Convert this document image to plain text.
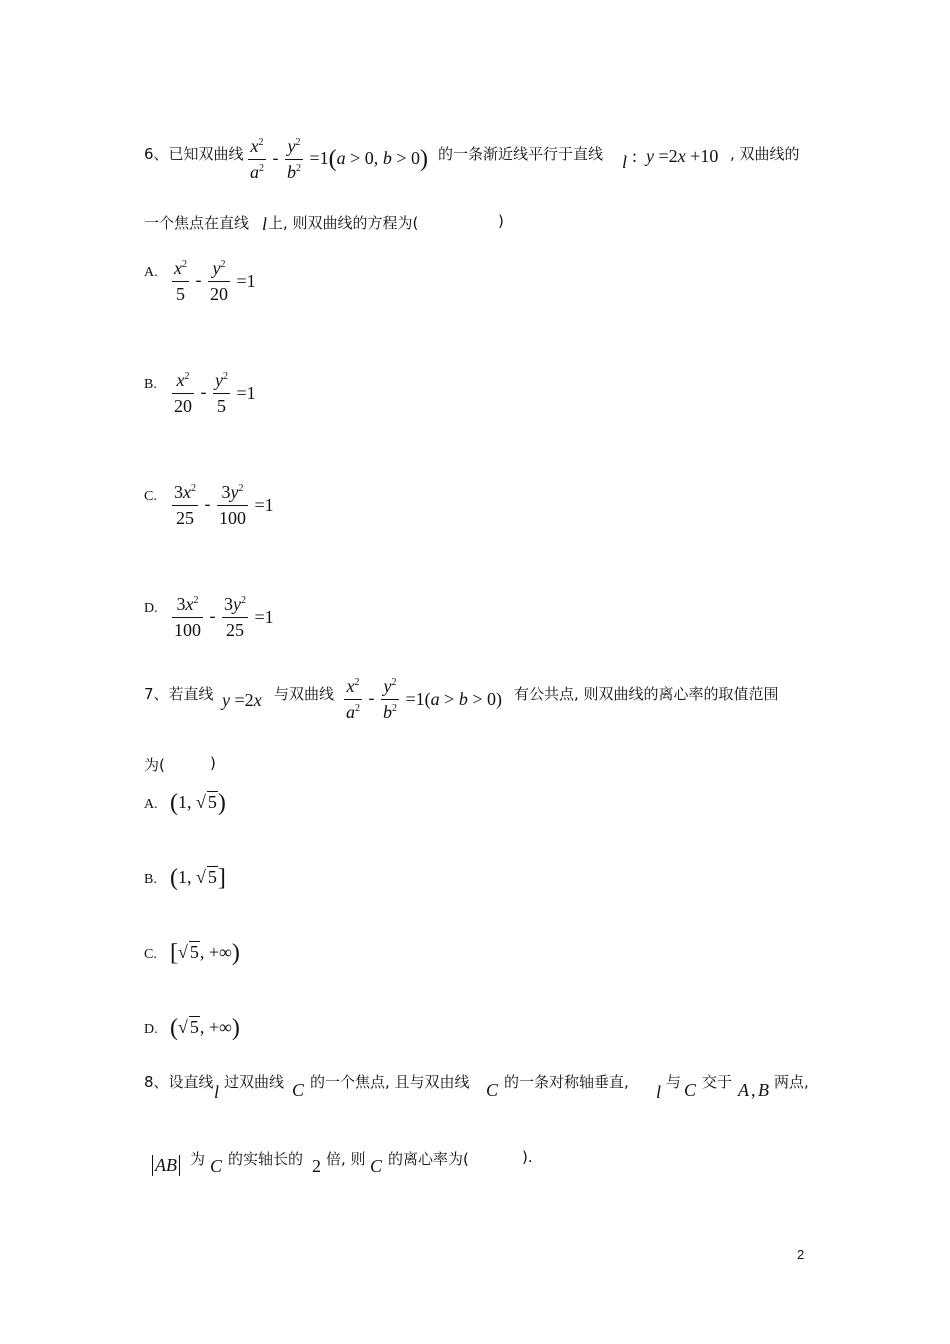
6、已知双曲线 $\frac{x^2}{a^2} - \frac{y^2}{b^2} =1(a > 0$, b > 0) 的一条渐近线平行于直线 l :  y =2x +10 , 双曲线的
一个焦点在直线 l 上, 则双曲线的方程为(	)
A. $\frac{x^2}{5} - \frac{y^2}{20} =1$
B. $\frac{x^2}{20} - \frac{y^2}{5} =1$
C. $\frac{3x^2}{25} - \frac{3y^2}{100} =1$
D. $\frac{3x^2}{100} - \frac{3y^2}{25} =1$
7、若直线 y =2x 与双曲线 $\frac{x^2}{a^2} - \frac{y^2}{b^2} =1(a > b > 0)$ 有公共点, 则双曲线的离心率的取值范围
为(	)
A. (1, √ 5)
B. (1, √ 5]
C. [√ 5, +∞)
D. (√ 5, +∞)
8、设直线 l 过双曲线 C 的一个焦点, 且与双由线 C 的一条对称轴垂直, l 与 C 交于 A , B 两点,
AB 为 C 的实轴长的 2 倍, 则 C 的离心率为(	).
2
